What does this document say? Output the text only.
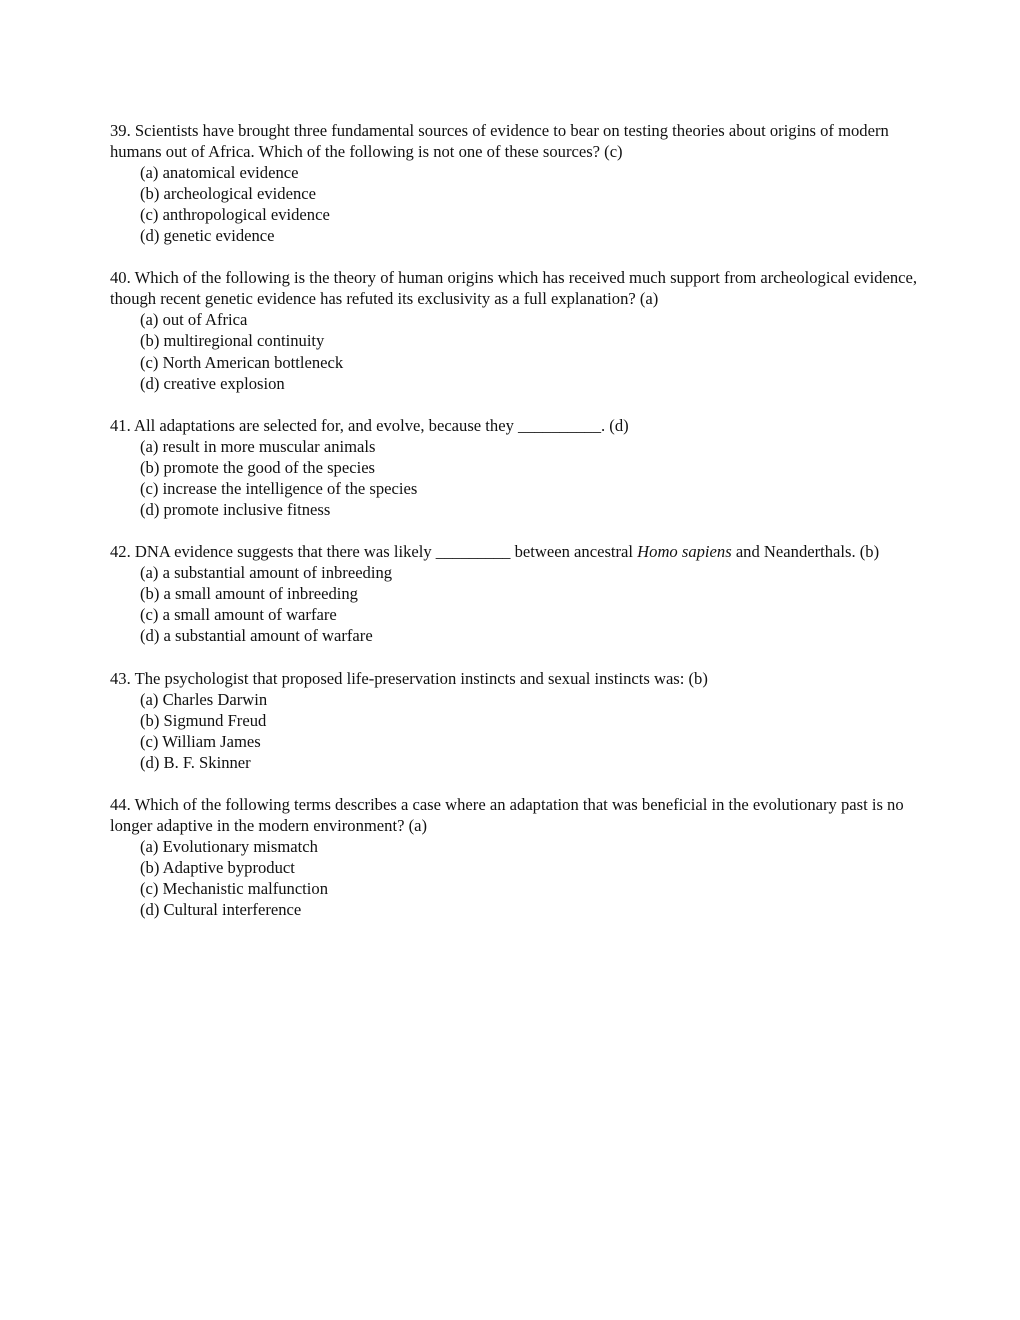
39. Scientists have brought three fundamental sources of evidence to bear on testing theories about origins of modern humans out of Africa. Which of the following is not one of these sources? (c)

(a) anatomical evidence
(b) archeological evidence
(c) anthropological evidence
(d) genetic evidence

40. Which of the following is the theory of human origins which has received much support from archeological evidence, though recent genetic evidence has refuted its exclusivity as a full explanation? (a)

(a) out of Africa
(b) multiregional continuity
(c) North American bottleneck
(d) creative explosion

41. All adaptations are selected for, and evolve, because they __________. (d)

(a) result in more muscular animals
(b) promote the good of the species
(c) increase the intelligence of the species
(d) promote inclusive fitness

42. DNA evidence suggests that there was likely _________ between ancestral Homo sapiens and Neanderthals. (b)

(a) a substantial amount of inbreeding
(b) a small amount of inbreeding
(c) a small amount of warfare
(d) a substantial amount of warfare

43. The psychologist that proposed life-preservation instincts and sexual instincts was: (b)

(a) Charles Darwin
(b) Sigmund Freud
(c) William James
(d) B. F. Skinner

44. Which of the following terms describes a case where an adaptation that was beneficial in the evolutionary past is no longer adaptive in the modern environment? (a)

(a) Evolutionary mismatch
(b) Adaptive byproduct
(c) Mechanistic malfunction
(d) Cultural interference
